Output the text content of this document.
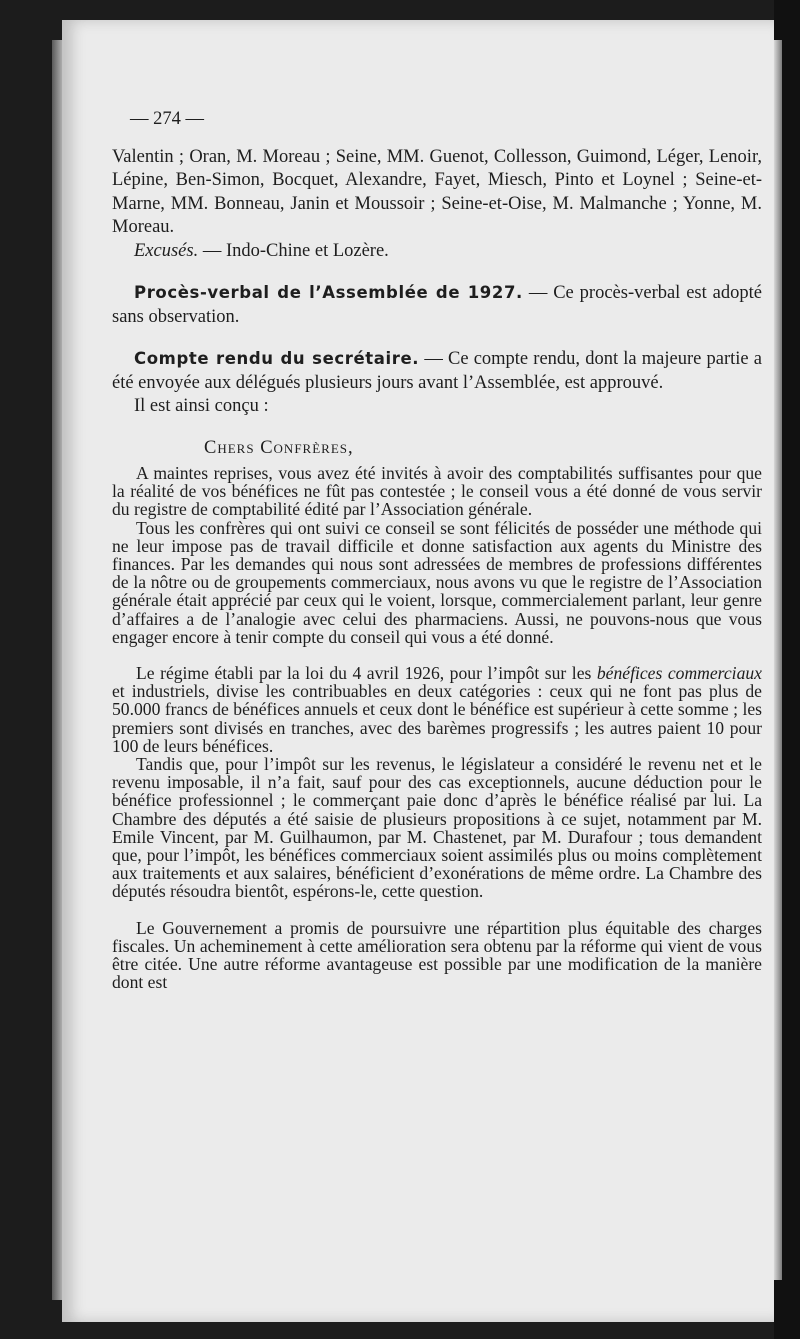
— 274 —

Valentin ; Oran, M. Moreau ; Seine, MM. Guenot, Collesson, Guimond, Léger, Lenoir, Lépine, Ben-Simon, Bocquet, Alexandre, Fayet, Miesch, Pinto et Loynel ; Seine-et-Marne, MM. Bonneau, Janin et Moussoir ; Seine-et-Oise, M. Malmanche ; Yonne, M. Moreau.

Excusés. — Indo-Chine et Lozère.

Procès-verbal de l’Assemblée de 1927. — Ce procès-verbal est adopté sans observation.

Compte rendu du secrétaire. — Ce compte rendu, dont la majeure partie a été envoyée aux délégués plusieurs jours avant l’Assemblée, est approuvé.

Il est ainsi conçu :

Chers Confrères,

A maintes reprises, vous avez été invités à avoir des comptabilités suffisantes pour que la réalité de vos bénéfices ne fût pas contestée ; le conseil vous a été donné de vous servir du registre de comptabilité édité par l’Association générale.

Tous les confrères qui ont suivi ce conseil se sont félicités de posséder une méthode qui ne leur impose pas de travail difficile et donne satisfaction aux agents du Ministre des finances. Par les demandes qui nous sont adressées de membres de professions différentes de la nôtre ou de groupements commerciaux, nous avons vu que le registre de l’Association générale était apprécié par ceux qui le voient, lorsque, commercialement parlant, leur genre d’affaires a de l’analogie avec celui des pharmaciens. Aussi, ne pouvons-nous que vous engager encore à tenir compte du conseil qui vous a été donné.

Le régime établi par la loi du 4 avril 1926, pour l’impôt sur les bénéfices commerciaux et industriels, divise les contribuables en deux catégories : ceux qui ne font pas plus de 50.000 francs de bénéfices annuels et ceux dont le bénéfice est supérieur à cette somme ; les premiers sont divisés en tranches, avec des barèmes progressifs ; les autres paient 10 pour 100 de leurs bénéfices.

Tandis que, pour l’impôt sur les revenus, le législateur a considéré le revenu net et le revenu imposable, il n’a fait, sauf pour des cas exceptionnels, aucune déduction pour le bénéfice professionnel ; le commerçant paie donc d’après le bénéfice réalisé par lui. La Chambre des députés a été saisie de plusieurs propositions à ce sujet, notamment par M. Emile Vincent, par M. Guilhaumon, par M. Chastenet, par M. Durafour ; tous demandent que, pour l’impôt, les bénéfices commerciaux soient assimilés plus ou moins complètement aux traitements et aux salaires, bénéficient d’exonérations de même ordre. La Chambre des députés résoudra bientôt, espérons-le, cette question.

Le Gouvernement a promis de poursuivre une répartition plus équitable des charges fiscales. Un acheminement à cette amélioration sera obtenu par la réforme qui vient de vous être citée. Une autre réforme avantageuse est possible par une modification de la manière dont est
